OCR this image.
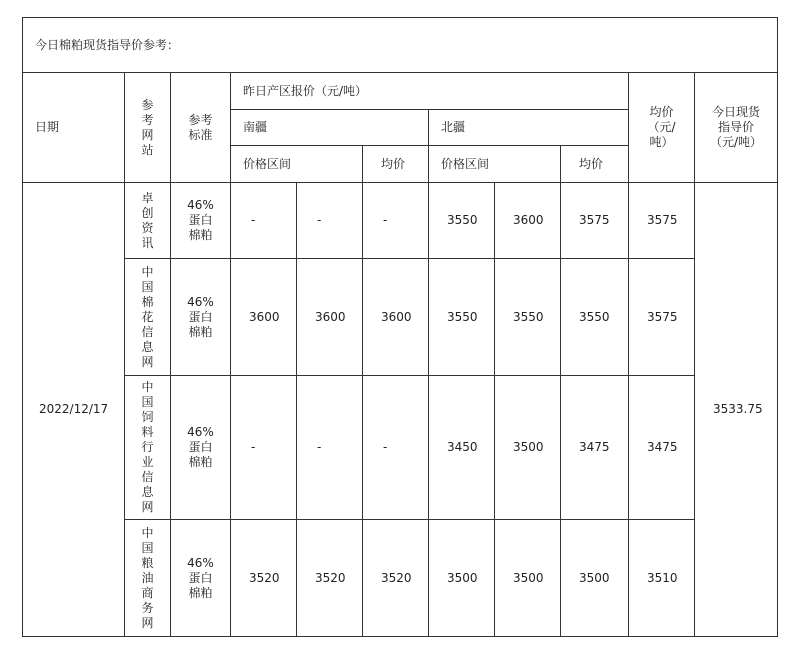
今日棉粕现货指导价参考：										
日期	参考网站	参考标准	昨日产区报价（元/吨）						均价（元/吨）	今日现货指导价（元/吨）
			南疆			北疆				
			价格区间		均价	价格区间		均价		
2022/12/17	卓创资讯	46%蛋白棉粕	-	-	-	3550	3600	3575	3575	3533.75
	中国棉花信息网	46%蛋白棉粕	3600	3600	3600	3550	3550	3550	3575	
	中国饲料行业信息网	46%蛋白棉粕	-	-	-	3450	3500	3475	3475	
	中国粮油商务网	46%蛋白棉粕	3520	3520	3520	3500	3500	3500	3510	
